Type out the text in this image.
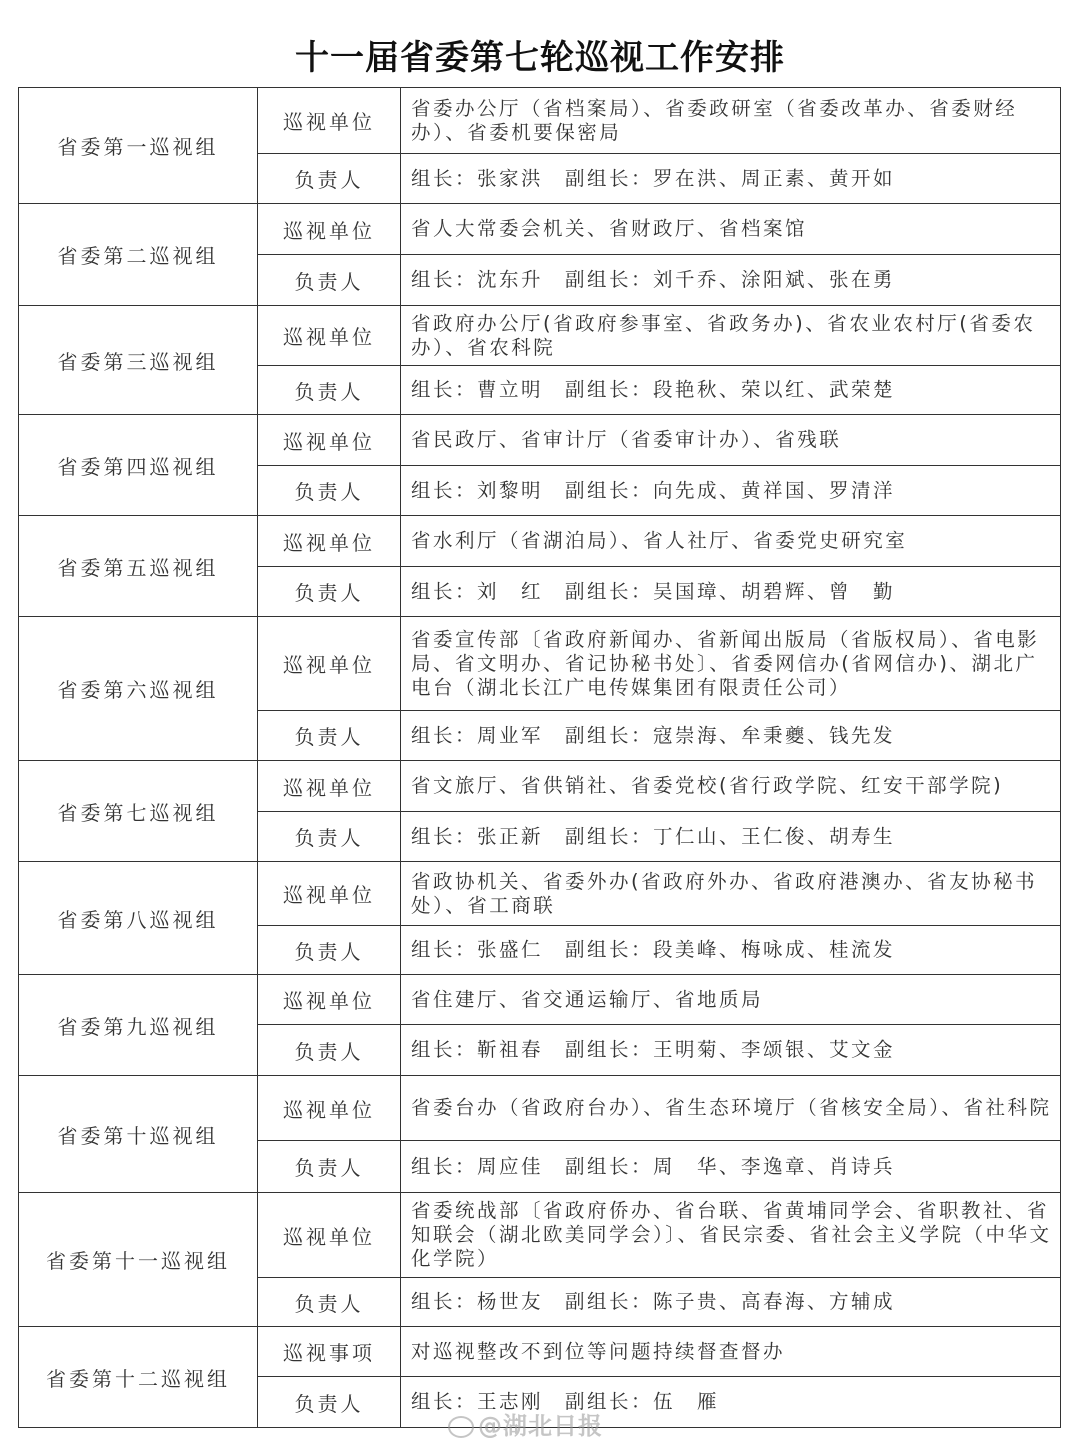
十一届省委第七轮巡视工作安排
省委第一巡视组	巡视单位	省委办公厅（省档案局）、省委政研室（省委改革办、省委财经办）、省委机要保密局
	负责人	组长：张家洪　副组长：罗在洪、周正素、黄开如
省委第二巡视组	巡视单位	省人大常委会机关、省财政厅、省档案馆
	负责人	组长：沈东升　副组长：刘千乔、涂阳斌、张在勇
省委第三巡视组	巡视单位	省政府办公厅(省政府参事室、省政务办)、省农业农村厅(省委农办）、省农科院
	负责人	组长：曹立明　副组长：段艳秋、荣以红、武荣楚
省委第四巡视组	巡视单位	省民政厅、省审计厅（省委审计办）、省残联
	负责人	组长：刘黎明　副组长：向先成、黄祥国、罗清洋
省委第五巡视组	巡视单位	省水利厅（省湖泊局）、省人社厅、省委党史研究室
	负责人	组长：刘　红　副组长：吴国璋、胡碧辉、曾　勤
省委第六巡视组	巡视单位	省委宣传部〔省政府新闻办、省新闻出版局（省版权局）、省电影局、省文明办、省记协秘书处〕、省委网信办(省网信办)、湖北广电台（湖北长江广电传媒集团有限责任公司）
	负责人	组长：周业军　副组长：寇崇海、牟秉夔、钱先发
省委第七巡视组	巡视单位	省文旅厅、省供销社、省委党校(省行政学院、红安干部学院)
	负责人	组长：张正新　副组长：丁仁山、王仁俊、胡寿生
省委第八巡视组	巡视单位	省政协机关、省委外办(省政府外办、省政府港澳办、省友协秘书处）、省工商联
	负责人	组长：张盛仁　副组长：段美峰、梅咏成、桂流发
省委第九巡视组	巡视单位	省住建厅、省交通运输厅、省地质局
	负责人	组长：靳祖春　副组长：王明菊、李颂银、艾文金
省委第十巡视组	巡视单位	省委台办（省政府台办）、省生态环境厅（省核安全局）、省社科院
	负责人	组长：周应佳　副组长：周　华、李逸章、肖诗兵
省委第十一巡视组	巡视单位	省委统战部〔省政府侨办、省台联、省黄埔同学会、省职教社、省知联会（湖北欧美同学会）〕、省民宗委、省社会主义学院（中华文化学院）
	负责人	组长：杨世友　副组长：陈子贵、高春海、方辅成
省委第十二巡视组	巡视事项	对巡视整改不到位等问题持续督查督办
	负责人	组长：王志刚　副组长：伍　雁
@湖北日报
